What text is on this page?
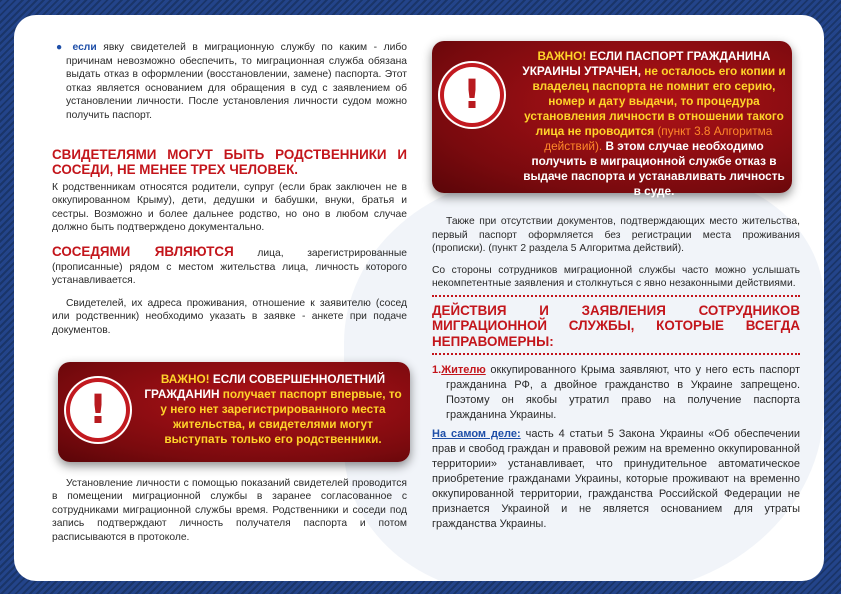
● если явку свидетелей в миграционную службу по каким - либо причинам невозможно обеспечить, то миграционная служба обязана выдать отказ в оформлении (восстановлении, замене) паспорта. Этот отказ является основанием для обращения в суд с заявлением об установлении личности. После установления личности судом можно получить паспорт.

СВИДЕТЕЛЯМИ МОГУТ БЫТЬ РОДСТВЕННИКИ И СОСЕДИ, НЕ МЕНЕЕ ТРЕХ ЧЕЛОВЕК.

К родственникам относятся родители, супруг (если брак заключен не в оккупированном Крыму), дети, дедушки и бабушки, внуки, братья и сестры. Возможно и более дальнее родство, но оно в любом случае должно быть подтверждено документально.

СОСЕДЯМИ ЯВЛЯЮТСЯ лица, зарегистрированные (прописанные) рядом с местом жительства лица, личность которого устанавливается.

Свидетелей, их адреса проживания, отношение к заявителю (сосед или родственник) необходимо указать в заявке - анкете при подаче документов.

Установление личности с помощью показаний свидетелей проводится в помещении миграционной службы в заранее согласованное с сотрудниками миграционной службы время. Родственники и соседи под запись подтверждают личность получателя паспорта и потом расписываются в протоколе.

!
ВАЖНО! ЕСЛИ СОВЕРШЕННОЛЕТНИЙ ГРАЖДАНИН получает паспорт впервые, то у него нет зарегистрированного места жительства, и свидетелями могут выступать только его родственники.
!
ВАЖНО! ЕСЛИ ПАСПОРТ ГРАЖДАНИНА УКРАИНЫ УТРАЧЕН, не осталось его копии и владелец паспорта не помнит его серию, номер и дату выдачи, то процедура установления личности в отношении такого лица не проводится (пункт 3.8 Алгоритма действий). В этом случае необходимо получить в миграционной службе отказ в выдаче паспорта и устанавливать личность в суде.

Также при отсутствии документов, подтверждающих место жительства, первый паспорт оформляется без регистрации места проживания (прописки). (пункт 2 раздела 5 Алгоритма действий).

Со стороны сотрудников миграционной службы часто можно услышать некомпетентные заявления и столкнуться с явно незаконными действиями.

ДЕЙСТВИЯ И ЗАЯВЛЕНИЯ СОТРУДНИКОВ МИГРАЦИОННОЙ СЛУЖБЫ, КОТОРЫЕ ВСЕГДА НЕПРАВОМЕРНЫ:

1.Жителю оккупированного Крыма заявляют, что у него есть паспорт гражданина РФ, а двойное гражданство в Украине запрещено. Поэтому он якобы утратил право на получение паспорта гражданина Украины.

На самом деле: часть 4 статьи 5 Закона Украины «Об обеспечении прав и свобод граждан и правовой режим на временно оккупированной территории» устанавливает, что принудительное автоматическое приобретение гражданами Украины, которые проживают на временно оккупированной территории, гражданства Российской Федерации не признается Украиной и не является основанием для утраты гражданства Украины.
